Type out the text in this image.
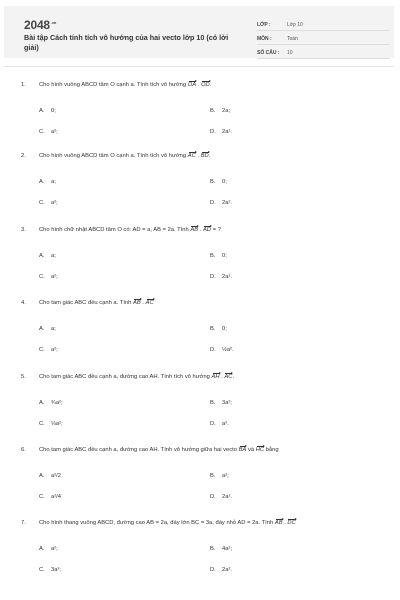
$2048^{.vn}$
Bài tập Cách tính tích vô hướng của hai vecto lớp 10 (có lời giải)
LỚP :	Lớp 10
MÔN :	Toán
SỐ CÂU : 10
1. Cho hình vuông ABCD tâm O cạnh a. Tính tích vô hướng OA . OD.
A. 0;	B. 2a;
C. a²;	D. 2a².
2. Cho hình vuông ABCD tâm O cạnh a. Tính tích vô hướng AC . BD.
A. a;	B. 0;
C. a²;	D. 2a².
3. Cho hình chữ nhật ABCD tâm O có: AD = a, AB = 2a. Tính AB . AD = ?
A. a;	B. 0;
C. a²;	D. 2a².
4. Cho tam giác ABC đều cạnh a. Tính AB . AC
A. a;	B. 0;
C. a²;	D. ½a².
5. Cho tam giác ABC đều cạnh a, đường cao AH. Tính tích vô hướng AH . AC.
A. ¾a²;	B. 3a²;
C. ⅓a²;	D. a².
6. Cho tam giác ABC đều cạnh a, đường cao AH. Tính vô hướng giữa hai vecto BA và HC bằng
A. a²/2	B. a²;
C. a²/4	D. 2a².
7. Cho hình thang vuông ABCD, đường cao AB = 2a, đáy lớn BC = 3a, đáy nhỏ AD = 2a. Tính AB . DC
A. a²;	B. 4a²;
C. 3a²;	D. 2a².
